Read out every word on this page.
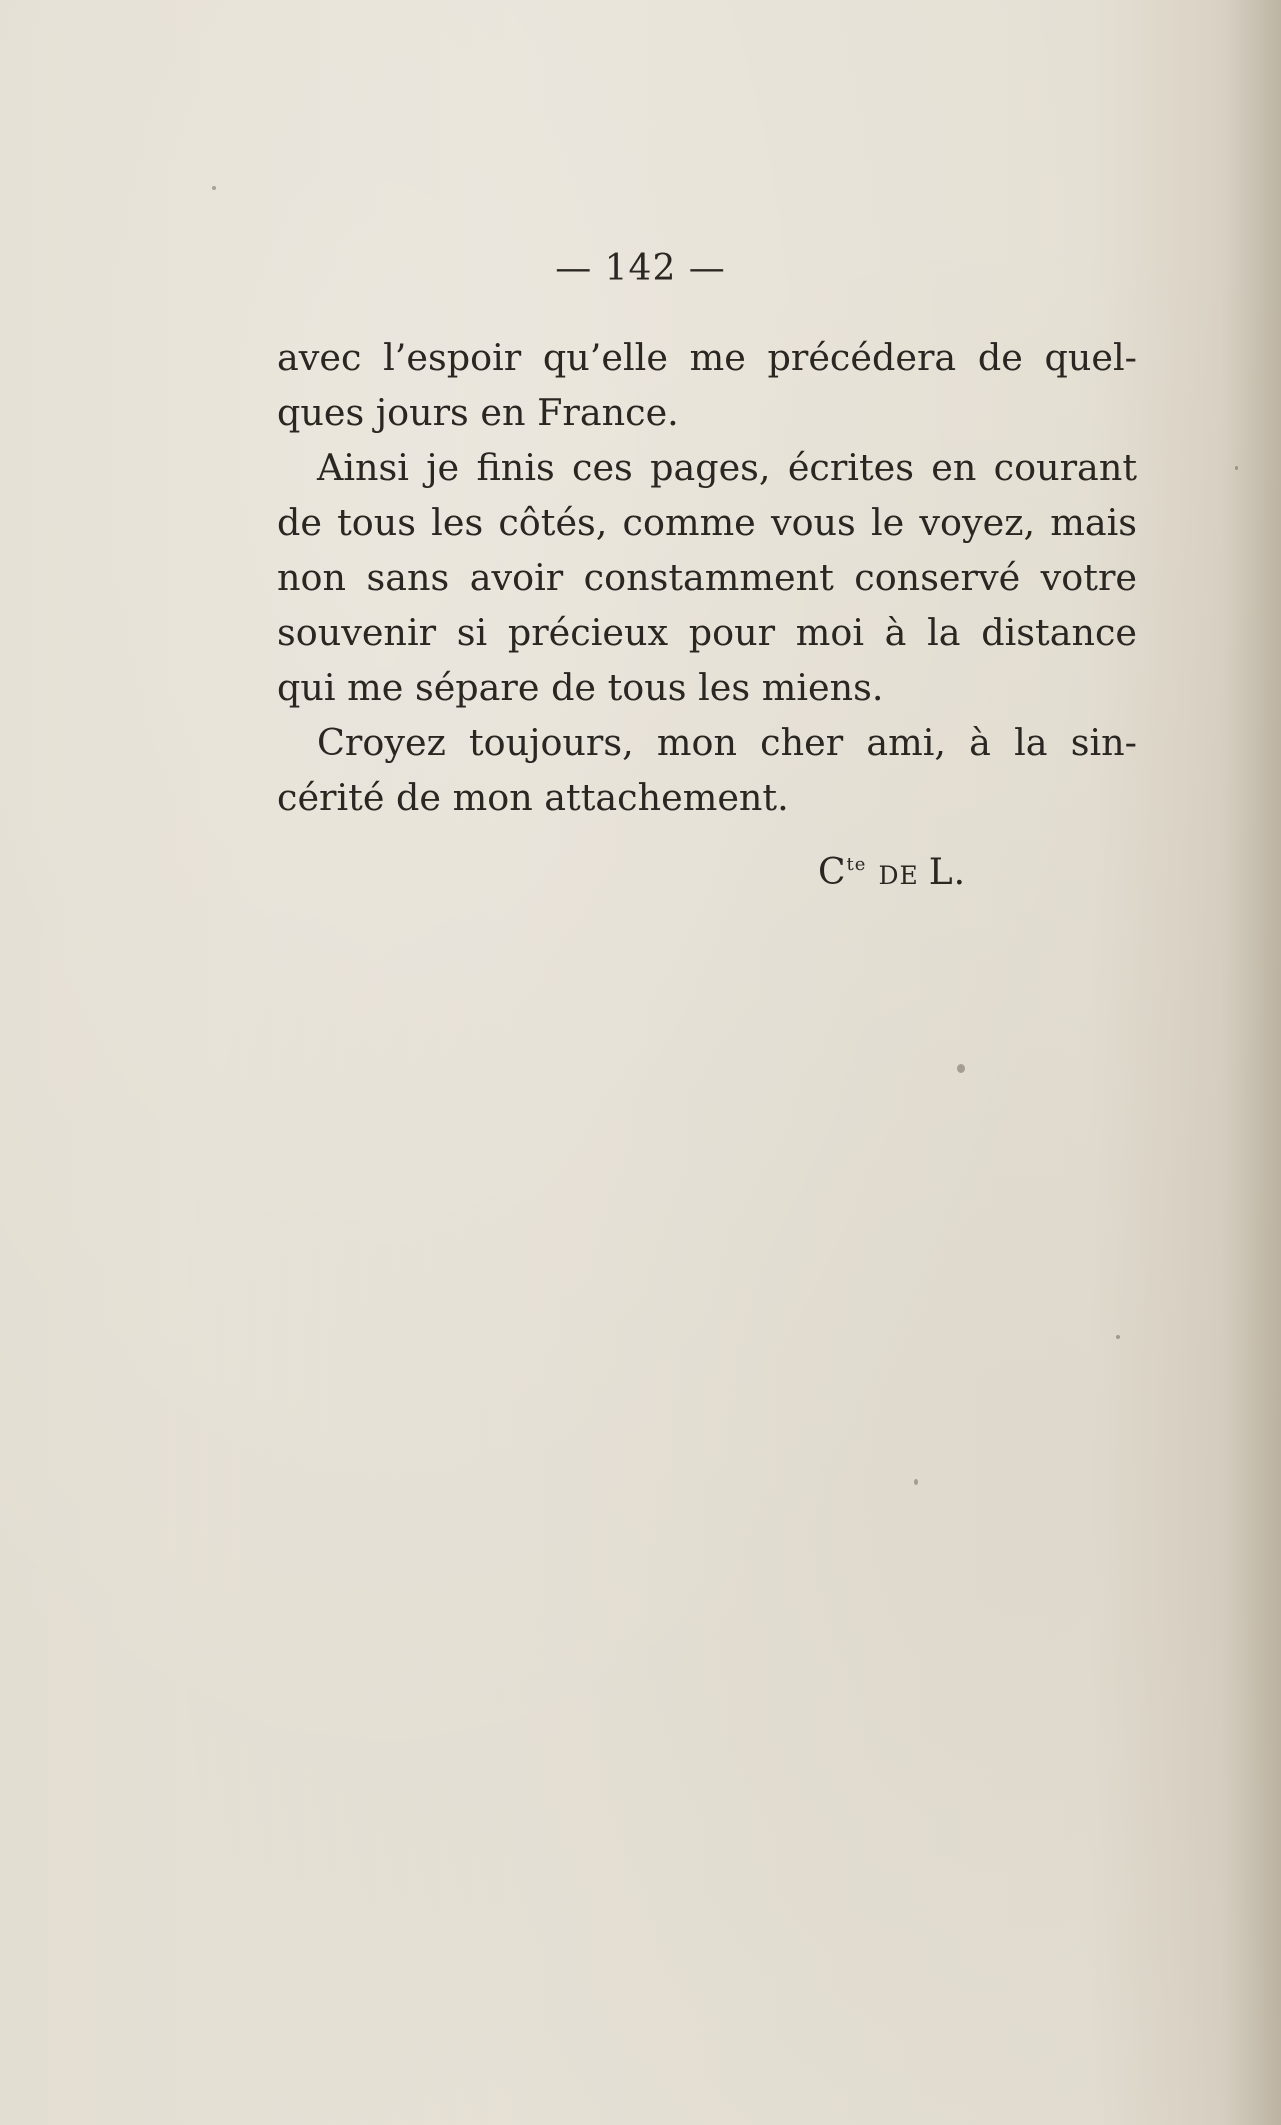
— 142 —
avec l’espoir qu’elle me précédera de quel-
ques jours en France.
Ainsi je finis ces pages, écrites en courant
de tous les côtés, comme vous le voyez, mais
non sans avoir constamment conservé votre
souvenir si précieux pour moi à la distance
qui me sépare de tous les miens.
Croyez toujours, mon cher ami, à la sin-
cérité de mon attachement.
$C^{te}$ DE L.
